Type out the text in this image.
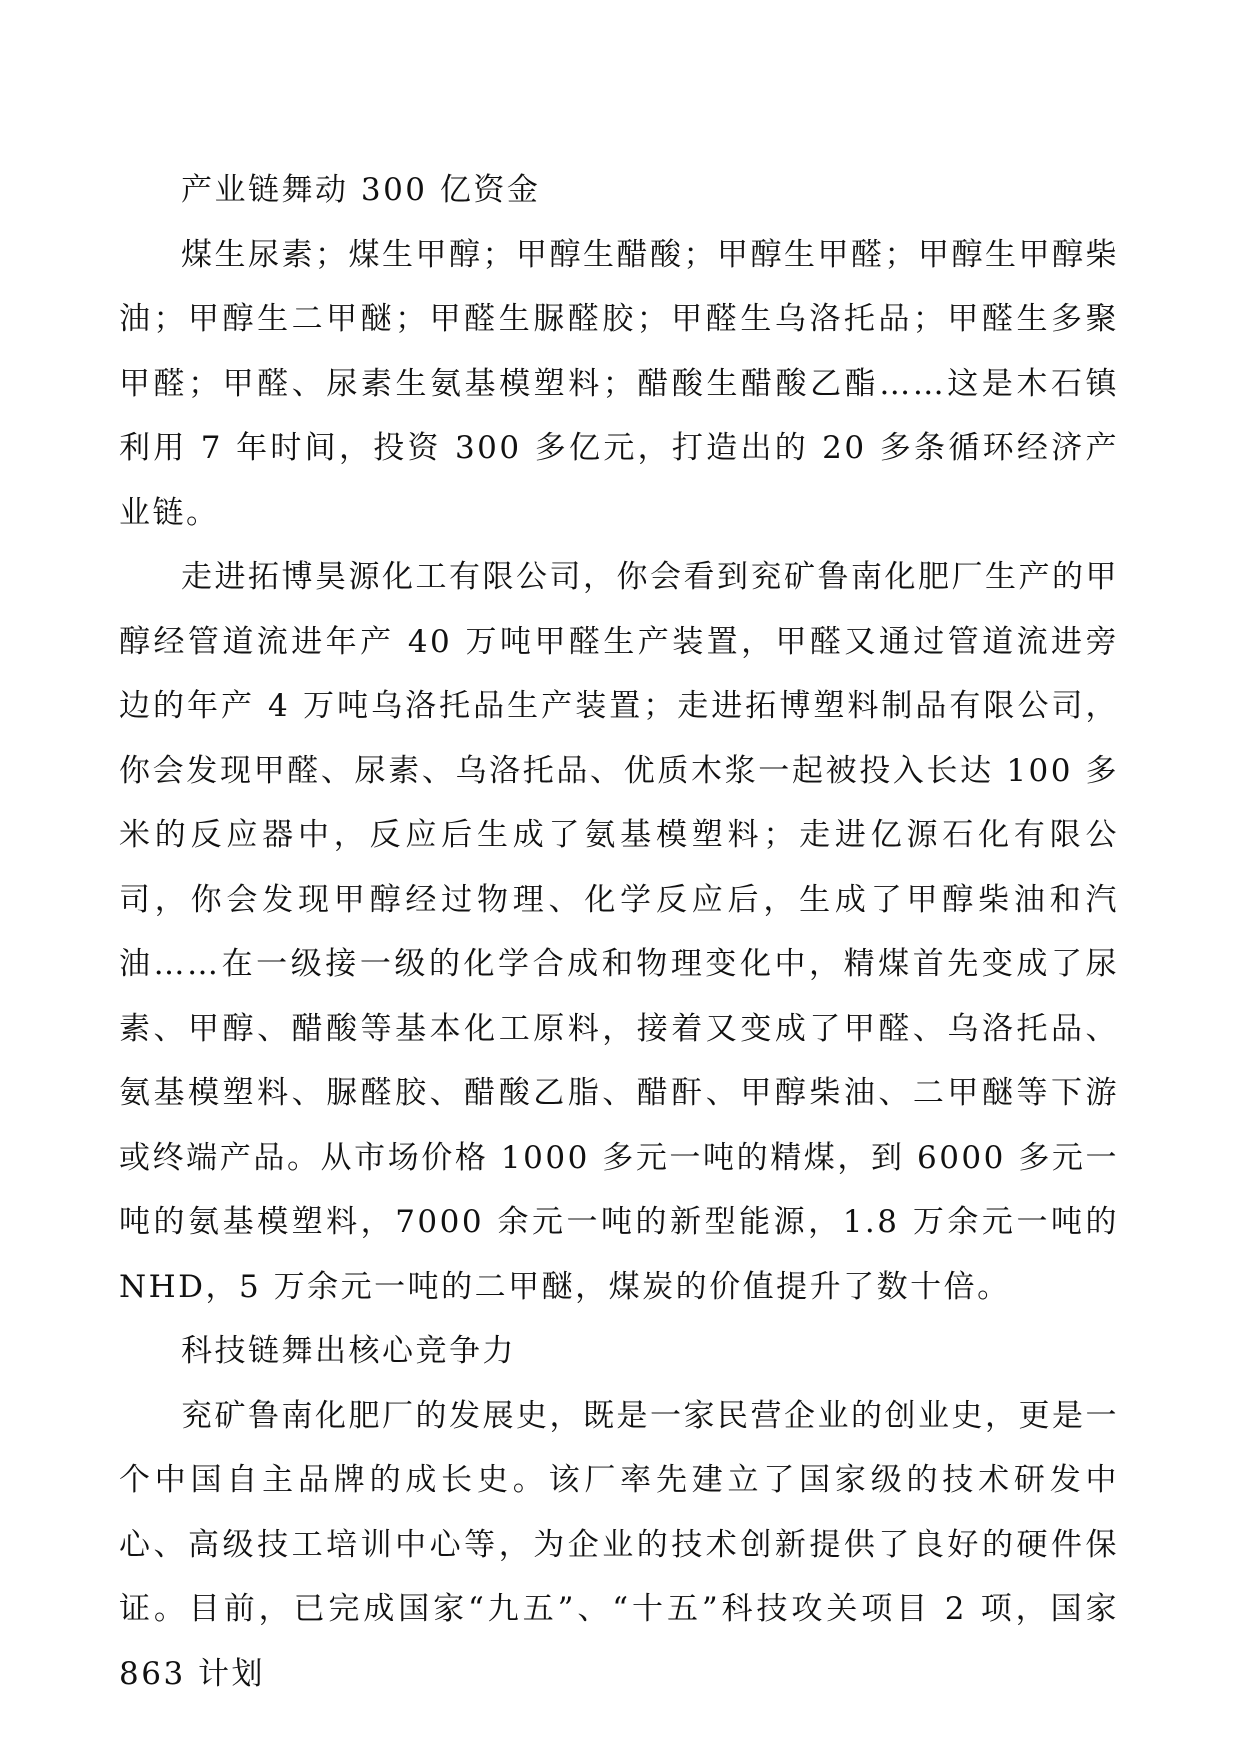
产业链舞动 300 亿资金

煤生尿素；煤生甲醇；甲醇生醋酸；甲醇生甲醛；甲醇生甲醇柴油；甲醇生二甲醚；甲醛生脲醛胶；甲醛生乌洛托品；甲醛生多聚甲醛；甲醛、尿素生氨基模塑料；醋酸生醋酸乙酯……这是木石镇利用 7 年时间，投资 300 多亿元，打造出的 20 多条循环经济产业链。

走进拓博昊源化工有限公司，你会看到兖矿鲁南化肥厂生产的甲醇经管道流进年产 40 万吨甲醛生产装置，甲醛又通过管道流进旁边的年产 4 万吨乌洛托品生产装置；走进拓博塑料制品有限公司，你会发现甲醛、尿素、乌洛托品、优质木浆一起被投入长达 100 多米的反应器中，反应后生成了氨基模塑料；走进亿源石化有限公司，你会发现甲醇经过物理、化学反应后，生成了甲醇柴油和汽油……在一级接一级的化学合成和物理变化中，精煤首先变成了尿素、甲醇、醋酸等基本化工原料，接着又变成了甲醛、乌洛托品、氨基模塑料、脲醛胶、醋酸乙脂、醋酐、甲醇柴油、二甲醚等下游或终端产品。从市场价格 1000 多元一吨的精煤，到 6000 多元一吨的氨基模塑料，7000 余元一吨的新型能源，1.8 万余元一吨的 NHD，5 万余元一吨的二甲醚，煤炭的价值提升了数十倍。

科技链舞出核心竞争力

兖矿鲁南化肥厂的发展史，既是一家民营企业的创业史，更是一个中国自主品牌的成长史。该厂率先建立了国家级的技术研发中心、高级技工培训中心等，为企业的技术创新提供了良好的硬件保证。目前，已完成国家“九五”、“十五”科技攻关项目 2 项，国家 863 计划
